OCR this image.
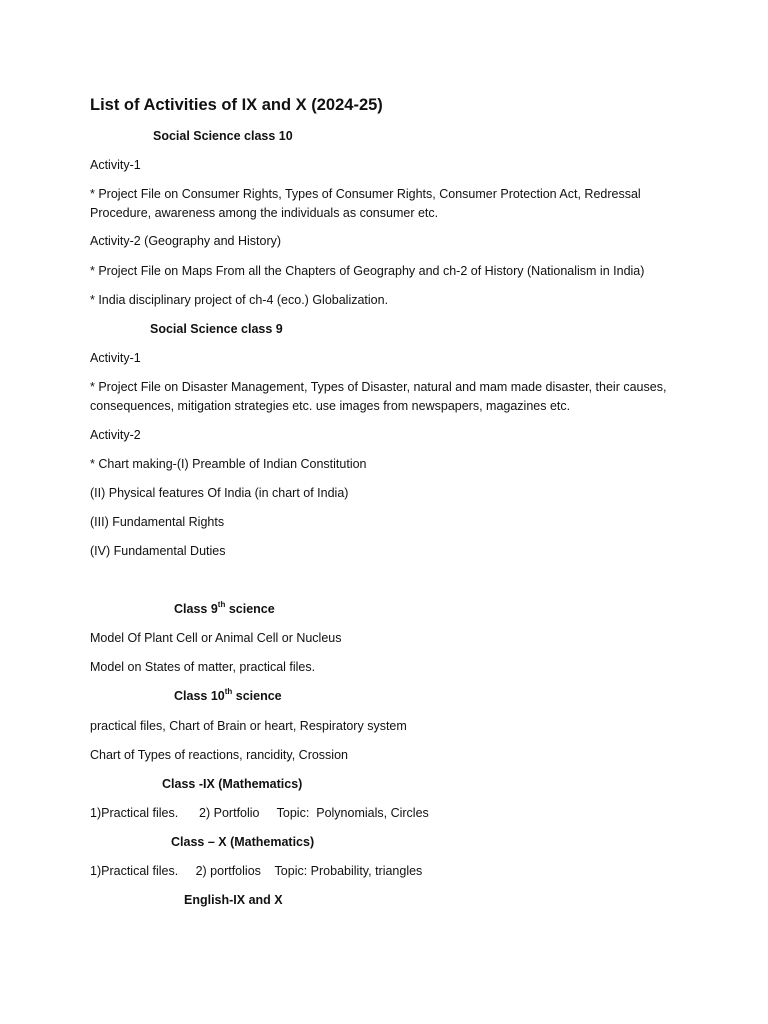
List of Activities of IX and X (2024-25)
Social Science class 10
Activity-1
* Project File on Consumer Rights, Types of Consumer Rights, Consumer Protection Act, Redressal Procedure, awareness among the individuals as consumer etc.
Activity-2 (Geography and History)
* Project File on Maps From all the Chapters of Geography and ch-2 of History (Nationalism in India)
* India disciplinary project of ch-4 (eco.) Globalization.
Social Science class 9
Activity-1
* Project File on Disaster Management, Types of Disaster, natural and mam made disaster, their causes, consequences, mitigation strategies etc. use images from newspapers, magazines etc.
Activity-2
* Chart making-(I) Preamble of Indian Constitution
(II) Physical features Of India (in chart of India)
(III) Fundamental Rights
(IV) Fundamental Duties
Class 9th science
Model Of Plant Cell or Animal Cell or Nucleus
Model on States of matter, practical files.
Class 10th science
practical files, Chart of Brain or heart, Respiratory system
Chart of Types of reactions, rancidity, Crossion
Class -IX (Mathematics)
1)Practical files.      2) Portfolio     Topic:  Polynomials, Circles
Class – X (Mathematics)
1)Practical files.     2) portfolios    Topic: Probability, triangles
English-IX and X
